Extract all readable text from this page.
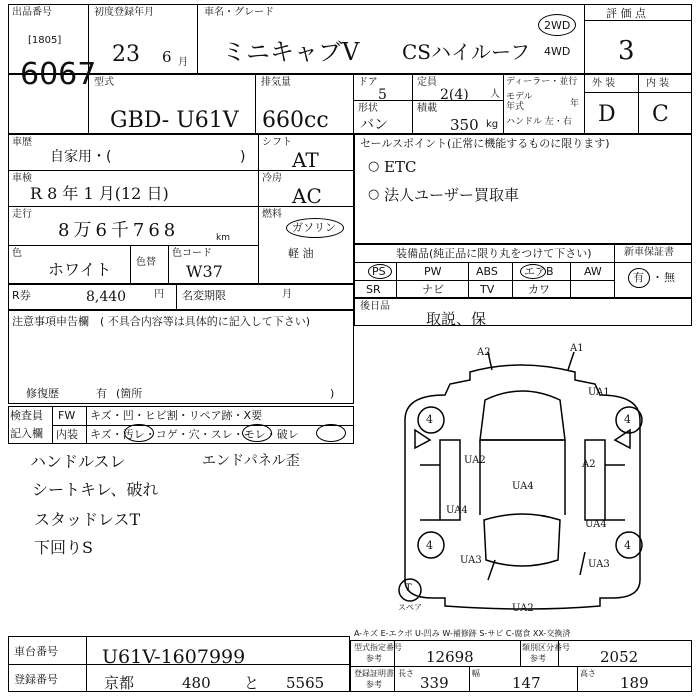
出品番号
[1805]
6067
初度登録年月
23 6 月
車名・グレード
ミニキャブV CSハイルーフ
2WD
4WD
評 価 点
3
型式
GBD- U61V
排気量
660cc
ドア
5
定員
2(4) 人
形状
バン
積載
350 kg
ディーラー・並行
モデル年式	年
ハンドル 左・右
外 装	内 装
D C
車歴
自家用・(	)
シフト
AT
車検
R 8 年 1 月(12 日)
冷房
AC
走行
8万6千768	km
燃料
ガソリン
軽 油
色
ホワイト 色替
色コード
W37
R券	8,440	円 名変期限	月
注意事項申告欄 ( 不具合内容等は具体的に記入して下さい)
修復歴	有 (箇所	)
検査員
記入欄
FW キズ・凹・ヒビ割・リペア跡・X要
内装 キズ・汚レ・コゲ・穴・スレ・モレ・破レ
ハンドルスレ
シートキレ、破れ
スタッドレスT
下回りS
エンドパネル歪
セールスポイント(正常に機能するものに限ります)
○ ETC
○ 法人ユーザー買取車
装備品(純正品に限り丸をつけて下さい)	新車保証書
PS	PW	ABS エアB	AW
SR	ナビ	TV	カワ
有 ・ 無
後日品
取説、保
A2	A1
UA1
4	4
UA2	A2
UA4
UA4
UA4
4	4
UA3	UA3
UA2
T
スペア
A-キズ E-エクボ U-凹み W-補修跡 S-サビ C-腐食 XX-交換済
車台番号 U61V-1607999
登録番号	京都	480 と 5565
型式指定番号
参考	12698
類別区分番号
参考	2052
登録証明書
参考
長さ
339
幅
147
高さ
189
